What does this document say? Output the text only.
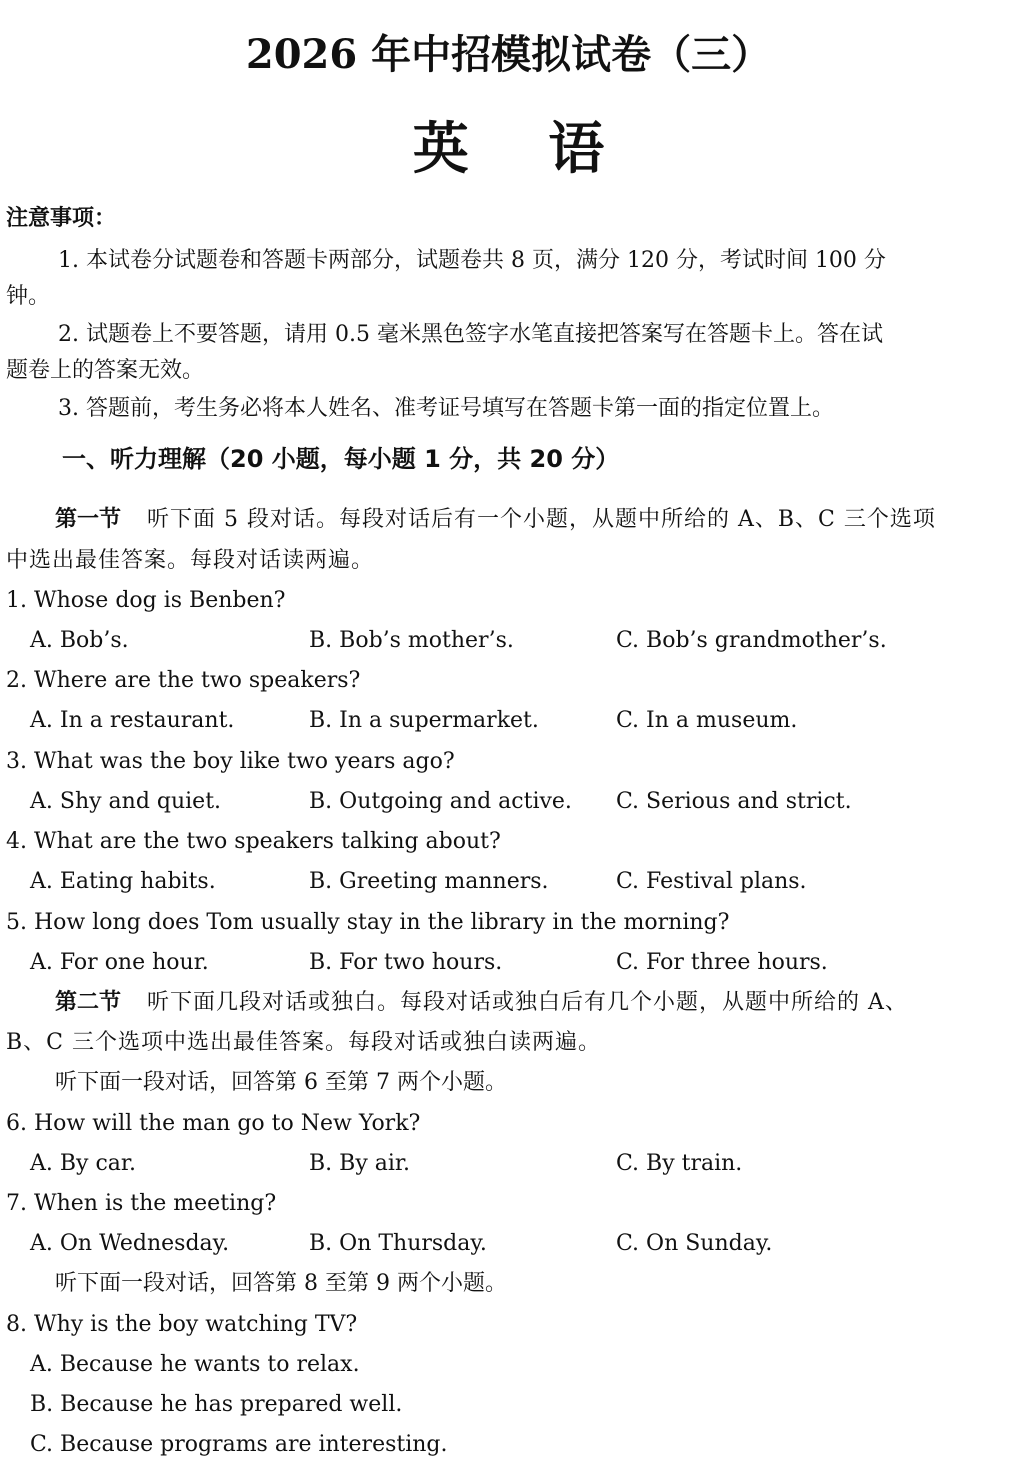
2026 年中招模拟试卷（三）
英 语
注意事项：
1. 本试卷分试题卷和答题卡两部分，试题卷共 8 页，满分 120 分，考试时间 100 分
钟。
2. 试题卷上不要答题，请用 0.5 毫米黑色签字水笔直接把答案写在答题卡上。答在试
题卷上的答案无效。
3. 答题前，考生务必将本人姓名、准考证号填写在答题卡第一面的指定位置上。
一、听力理解（20 小题，每小题 1 分，共 20 分）
第一节 听下面 5 段对话。每段对话后有一个小题，从题中所给的 A、B、C 三个选项
中选出最佳答案。每段对话读两遍。
1. Whose dog is Benben?
A. Bob’s.	B. Bob’s mother’s.	C. Bob’s grandmother’s.
2. Where are the two speakers?
A. In a restaurant.	B. In a supermarket.	C. In a museum.
3. What was the boy like two years ago?
A. Shy and quiet.	B. Outgoing and active. C. Serious and strict.
4. What are the two speakers talking about?
A. Eating habits.	B. Greeting manners.	C. Festival plans.
5. How long does Tom usually stay in the library in the morning?
A. For one hour.	B. For two hours.	C. For three hours.
第二节 听下面几段对话或独白。每段对话或独白后有几个小题，从题中所给的 A、
B、C 三个选项中选出最佳答案。每段对话或独白读两遍。
听下面一段对话，回答第 6 至第 7 两个小题。
6. How will the man go to New York?
A. By car.	B. By air.	C. By train.
7. When is the meeting?
A. On Wednesday.	B. On Thursday.	C. On Sunday.
听下面一段对话，回答第 8 至第 9 两个小题。
8. Why is the boy watching TV?
A. Because he wants to relax.
B. Because he has prepared well.
C. Because programs are interesting.
